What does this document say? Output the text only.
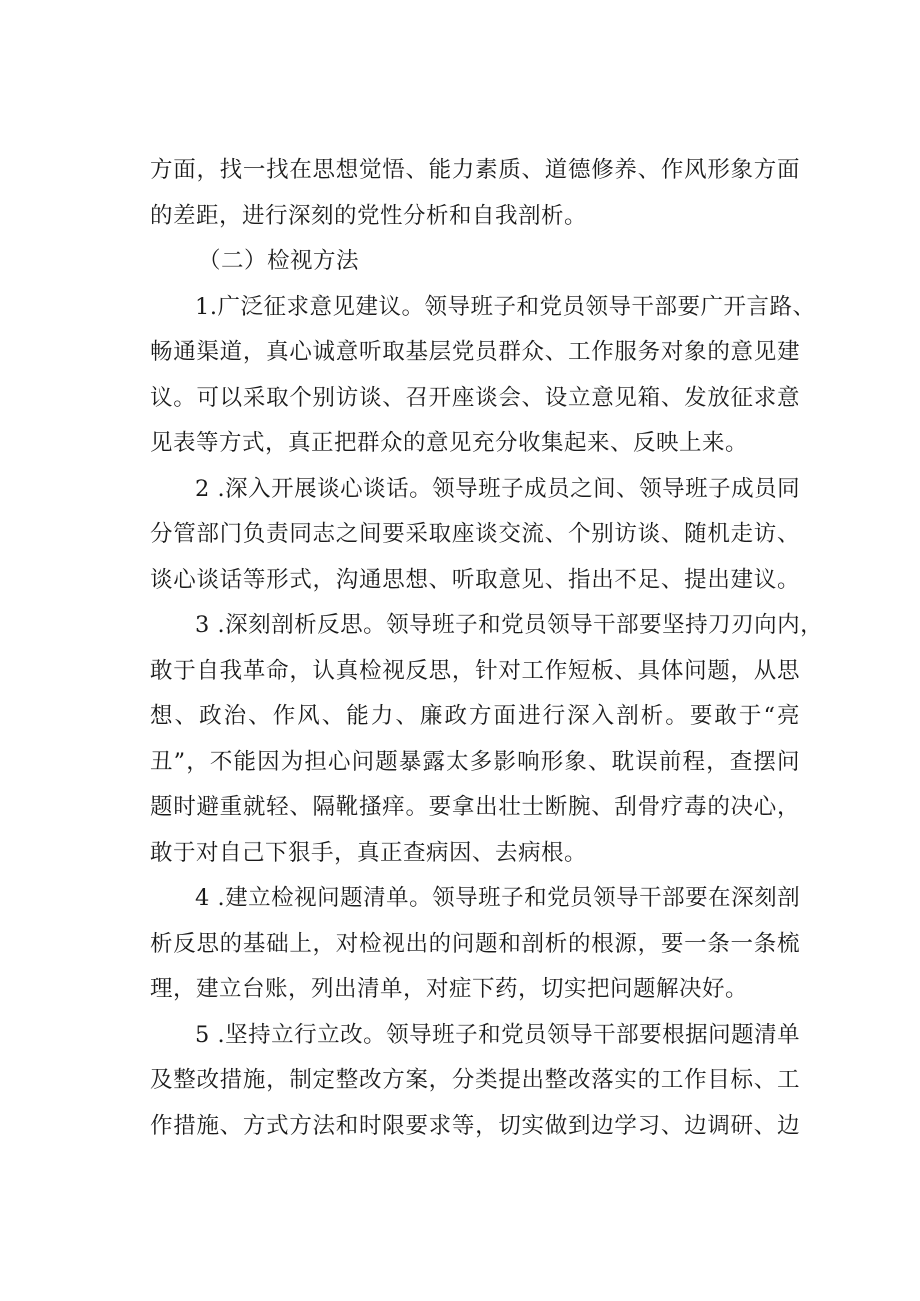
方面，找一找在思想觉悟、能力素质、道德修养、作风形象方面
的差距，进行深刻的党性分析和自我剖析。
（二）检视方法
1.广泛征求意见建议。领导班子和党员领导干部要广开言路、
畅通渠道，真心诚意听取基层党员群众、工作服务对象的意见建
议。可以采取个别访谈、召开座谈会、设立意见箱、发放征求意
见表等方式，真正把群众的意见充分收集起来、反映上来。
2 .深入开展谈心谈话。领导班子成员之间、领导班子成员同
分管部门负责同志之间要采取座谈交流、个别访谈、随机走访、
谈心谈话等形式，沟通思想、听取意见、指出不足、提出建议。
3 .深刻剖析反思。领导班子和党员领导干部要坚持刀刃向内，
敢于自我革命，认真检视反思，针对工作短板、具体问题，从思
想、政治、作风、能力、廉政方面进行深入剖析。要敢于“亮
丑”，不能因为担心问题暴露太多影响形象、耽误前程，查摆问
题时避重就轻、隔靴搔痒。要拿出壮士断腕、刮骨疗毒的决心，
敢于对自己下狠手，真正查病因、去病根。
4 .建立检视问题清单。领导班子和党员领导干部要在深刻剖
析反思的基础上，对检视出的问题和剖析的根源，要一条一条梳
理，建立台账，列出清单，对症下药，切实把问题解决好。
5 .坚持立行立改。领导班子和党员领导干部要根据问题清单
及整改措施，制定整改方案，分类提出整改落实的工作目标、工
作措施、方式方法和时限要求等，切实做到边学习、边调研、边
